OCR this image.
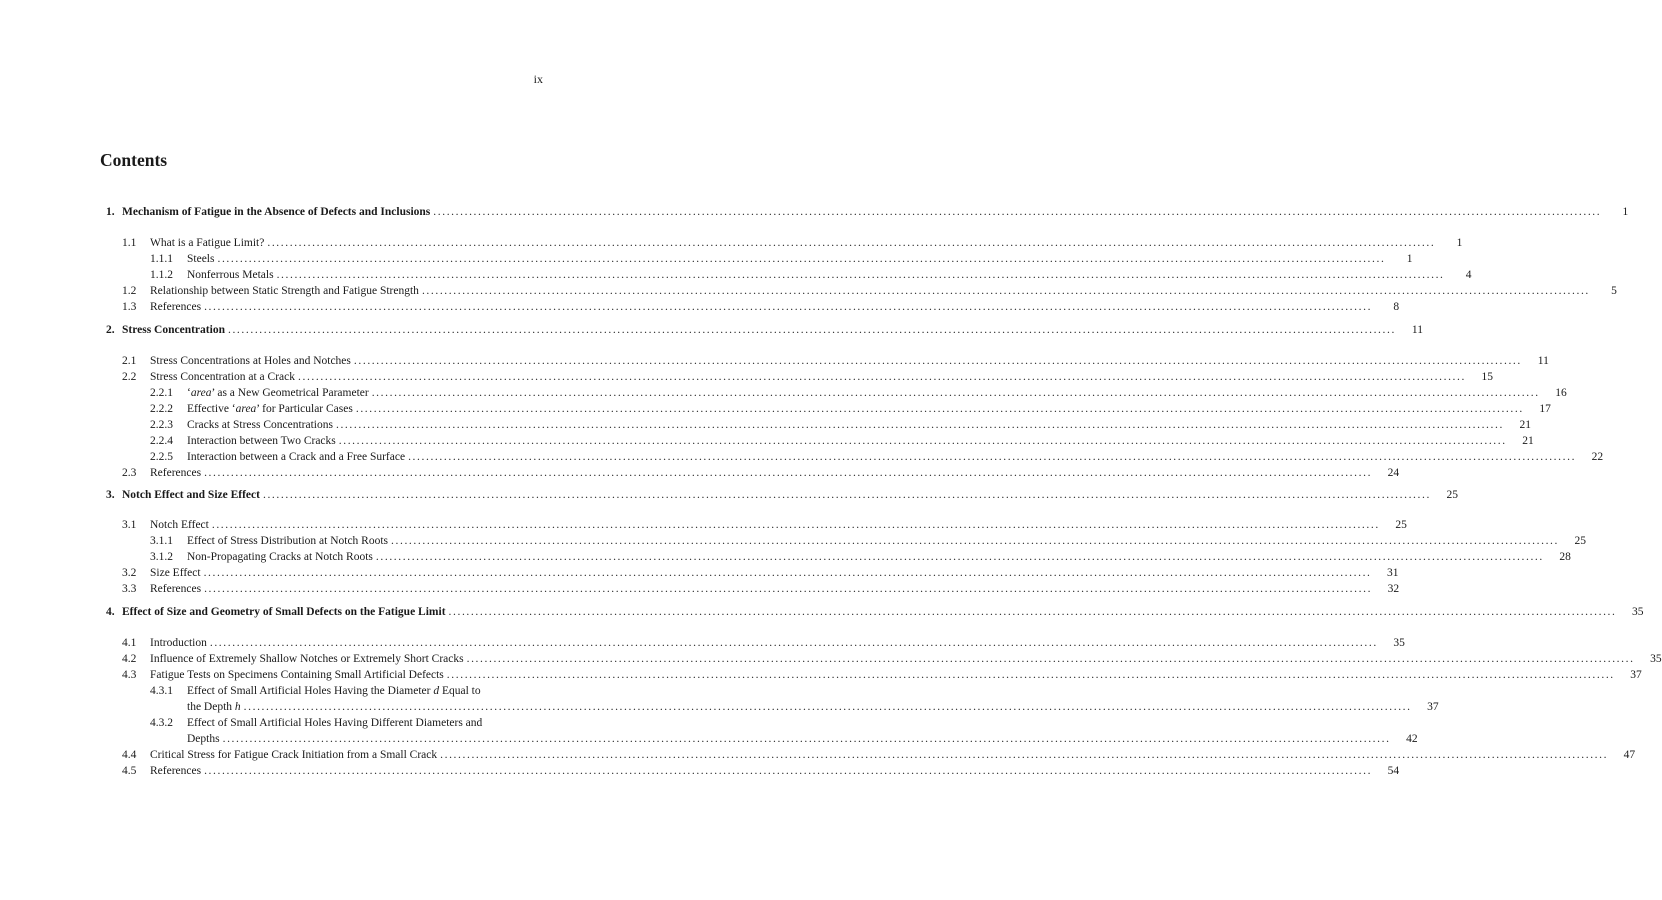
ix
Contents
1. Mechanism of Fatigue in the Absence of Defects and Inclusions .....	1
1.1	What is a Fatigue Limit? .....	1
1.1.1	Steels .....	1
1.1.2	Nonferrous Metals .....	4
1.2	Relationship between Static Strength and Fatigue Strength .....	5
1.3	References .....	8
2. Stress Concentration .....	11
2.1	Stress Concentrations at Holes and Notches .....	11
2.2	Stress Concentration at a Crack .....	15
2.2.1	‘area’ as a New Geometrical Parameter .....	16
2.2.2	Effective ‘area’ for Particular Cases .....	17
2.2.3	Cracks at Stress Concentrations .....	21
2.2.4	Interaction between Two Cracks .....	21
2.2.5	Interaction between a Crack and a Free Surface .....	22
2.3	References .....	24
3. Notch Effect and Size Effect .....	25
3.1	Notch Effect .....	25
3.1.1	Effect of Stress Distribution at Notch Roots .....	25
3.1.2	Non-Propagating Cracks at Notch Roots .....	28
3.2	Size Effect .....	31
3.3	References .....	32
4. Effect of Size and Geometry of Small Defects on the Fatigue Limit .....	35
4.1	Introduction .....	35
4.2	Influence of Extremely Shallow Notches or Extremely Short Cracks .....	35
4.3	Fatigue Tests on Specimens Containing Small Artificial Defects .....	37
4.3.1 Effect of Small Artificial Holes Having the Diameter d Equal to
the Depth h .....	37
4.3.2 Effect of Small Artificial Holes Having Different Diameters and
Depths .....	42
4.4	Critical Stress for Fatigue Crack Initiation from a Small Crack .....	47
4.5	References .....	54
